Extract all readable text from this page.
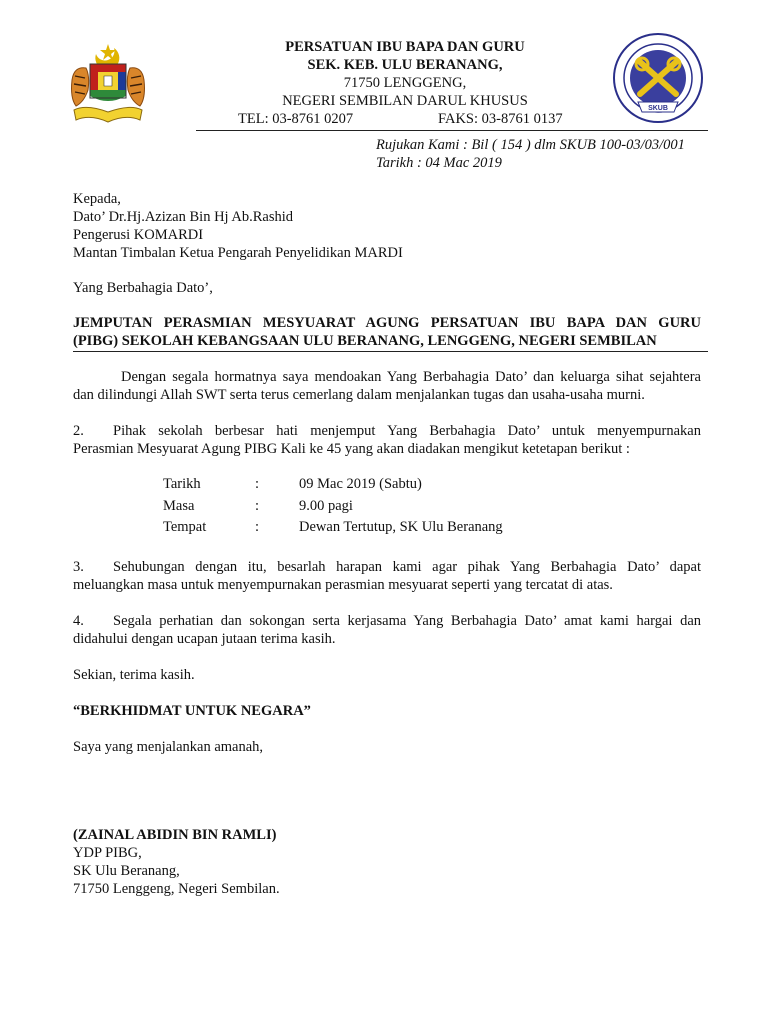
PERSATUAN IBU BAPA DAN GURU
SEK. KEB. ULU BERANANG,
71750 LENGGENG,
NEGERI SEMBILAN DARUL KHUSUS
TEL: 03-8761 0207	FAKS: 03-8761 0137
SKUB
Rujukan Kami : Bil ( 154 ) dlm SKUB 100-03/03/001
Tarikh : 04 Mac 2019
Kepada,
Dato’ Dr.Hj.Azizan Bin Hj Ab.Rashid
Pengerusi KOMARDI
Mantan Timbalan Ketua Pengarah Penyelidikan MARDI
Yang Berbahagia Dato’,
JEMPUTAN PERASMIAN MESYUARAT AGUNG PERSATUAN IBU BAPA DAN GURU
(PIBG) SEKOLAH KEBANGSAAN ULU BERANANG, LENGGENG, NEGERI SEMBILAN
Dengan segala hormatnya saya mendoakan Yang Berbahagia Dato’ dan keluarga sihat sejahtera
dan dilindungi Allah SWT serta terus cemerlang dalam menjalankan tugas dan usaha-usaha murni.
2. Pihak sekolah berbesar hati menjemput Yang Berbahagia Dato’ untuk menyempurnakan
Perasmian Mesyuarat Agung PIBG Kali ke 45 yang akan diadakan mengikut ketetapan berikut :
Tarikh	:	09 Mac 2019 (Sabtu)
Masa	:	9.00 pagi
Tempat	:	Dewan Tertutup, SK Ulu Beranang
3. Sehubungan dengan itu, besarlah harapan kami agar pihak Yang Berbahagia Dato’ dapat
meluangkan masa untuk menyempurnakan perasmian mesyuarat seperti yang tercatat di atas.
4. Segala perhatian dan sokongan serta kerjasama Yang Berbahagia Dato’ amat kami hargai dan
didahului dengan ucapan jutaan terima kasih.
Sekian, terima kasih.
“BERKHIDMAT UNTUK NEGARA”
Saya yang menjalankan amanah,
(ZAINAL ABIDIN BIN RAMLI)
YDP PIBG,
SK Ulu Beranang,
71750 Lenggeng, Negeri Sembilan.
